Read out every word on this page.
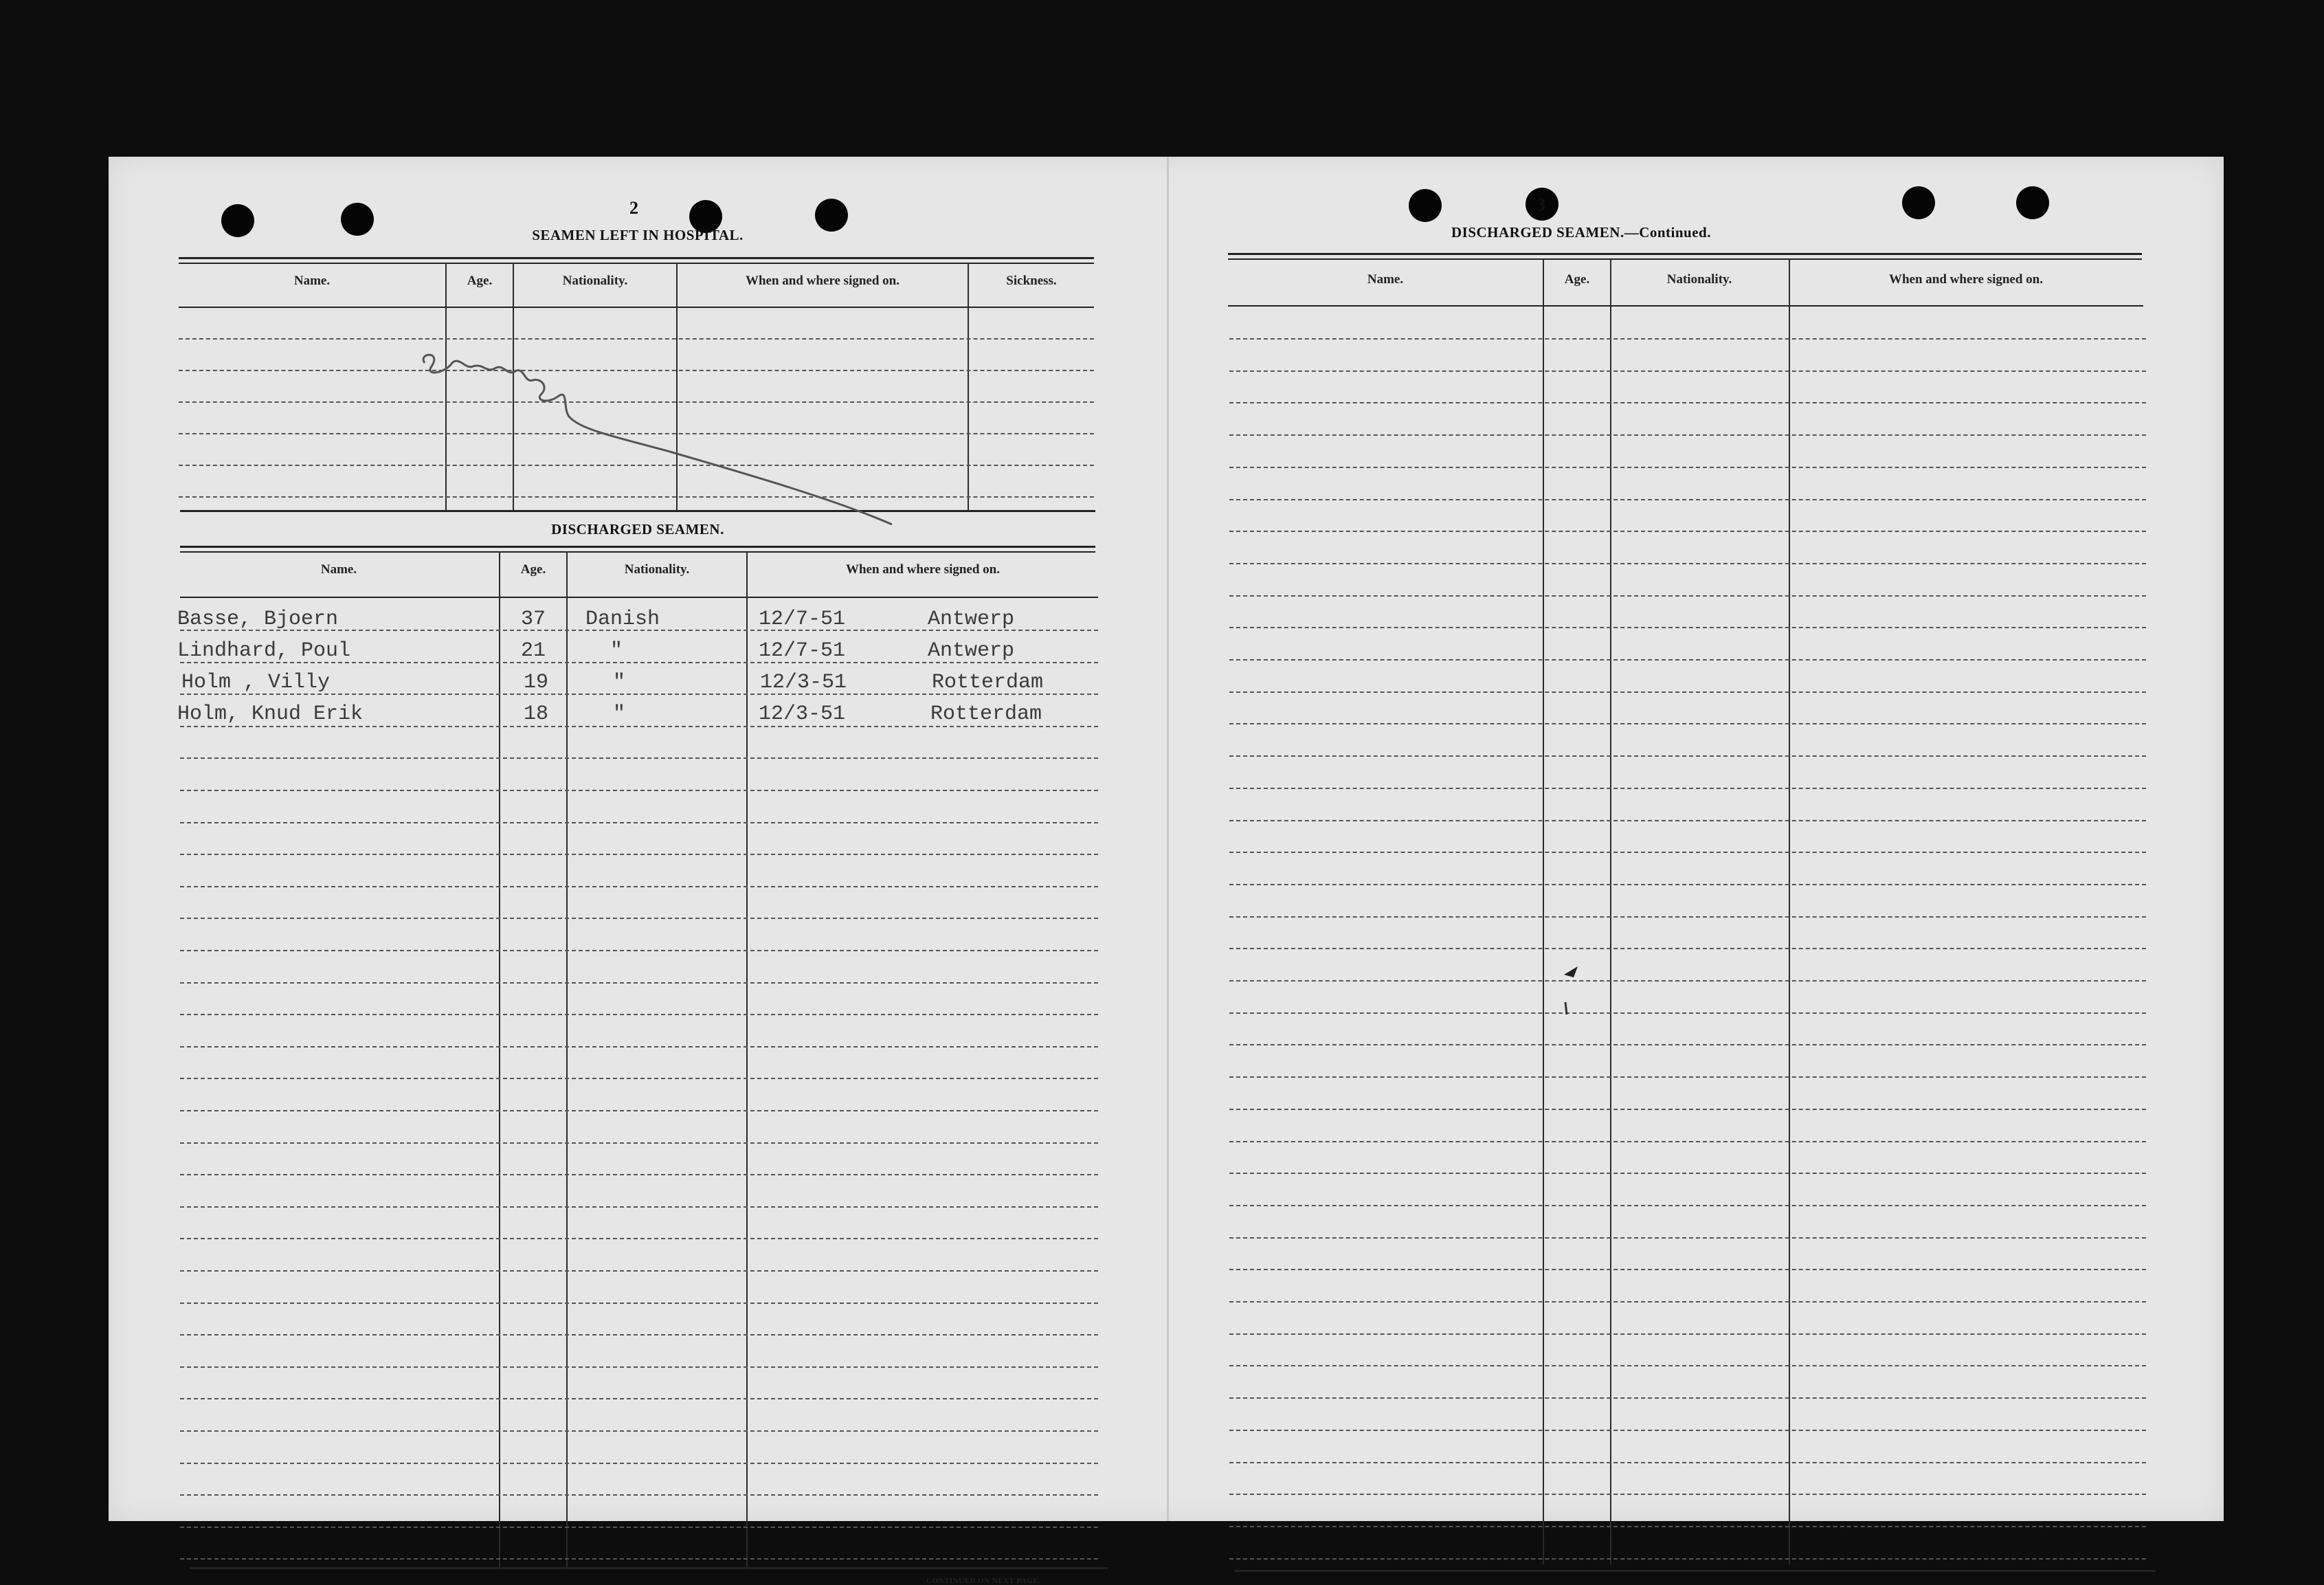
2
SEAMEN LEFT IN HOSPITAL.
Name.	Age.	Nationality.	When and where signed on.	Sickness.
DISCHARGED SEAMEN.
Name.	Age.	Nationality.	When and where signed on.
Basse, Bjoern	37 Danish	12/7-51	Antwerp
Lindhard, Poul	21	"	12/7-51	Antwerp
Holm , Villy	19	"	12/3-51	Rotterdam
Holm, Knud Erik	18	"	12/3-51	Rotterdam
CONTINUED ON NEXT PAGE.
3
DISCHARGED SEAMEN.—Continued.
Name.	Age.	Nationality.	When and where signed on.
